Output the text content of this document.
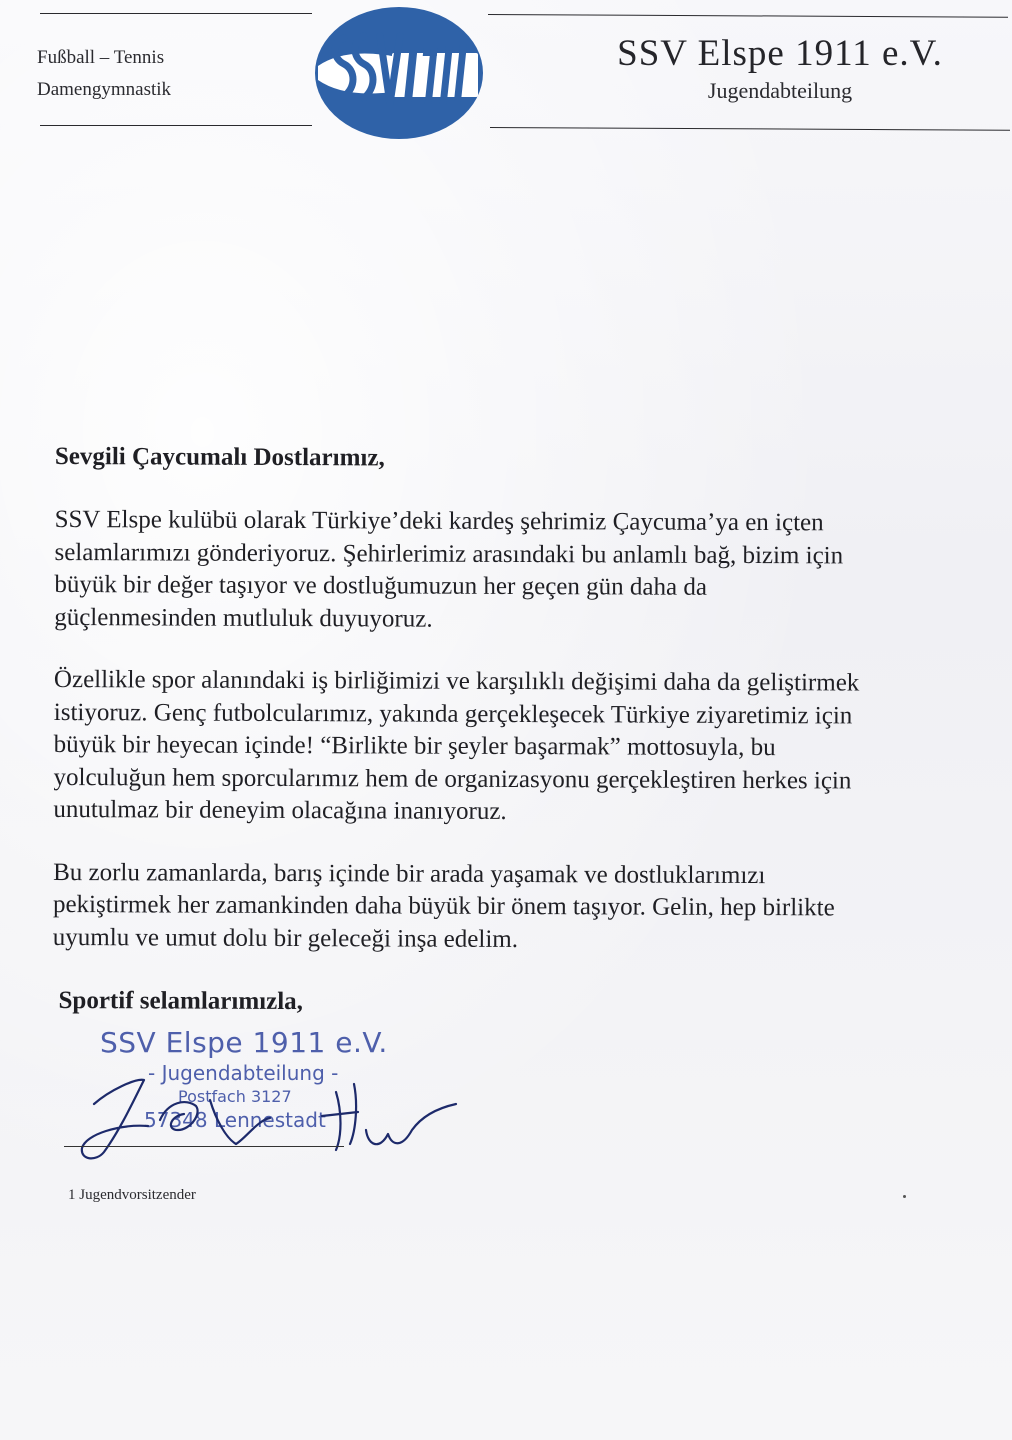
Fußball – Tennis
Damengymnastik
SSV Elspe 1911 e.V.
Jugendabteilung
Sevgili Çaycumalı Dostlarımız,
SSV Elspe kulübü olarak Türkiye’deki kardeş şehrimiz Çaycuma’ya en içten
selamlarımızı gönderiyoruz. Şehirlerimiz arasındaki bu anlamlı bağ, bizim için
büyük bir değer taşıyor ve dostluğumuzun her geçen gün daha da
güçlenmesinden mutluluk duyuyoruz.
Özellikle spor alanındaki iş birliğimizi ve karşılıklı değişimi daha da geliştirmek
istiyoruz. Genç futbolcularımız, yakında gerçekleşecek Türkiye ziyaretimiz için
büyük bir heyecan içinde! “Birlikte bir şeyler başarmak” mottosuyla, bu
yolculuğun hem sporcularımız hem de organizasyonu gerçekleştiren herkes için
unutulmaz bir deneyim olacağına inanıyoruz.
Bu zorlu zamanlarda, barış içinde bir arada yaşamak ve dostluklarımızı
pekiştirmek her zamankinden daha büyük bir önem taşıyor. Gelin, hep birlikte
uyumlu ve umut dolu bir geleceği inşa edelim.
Sportif selamlarımızla,
SSV Elspe 1911 e.V.
- Jugendabteilung -
Postfach 3127
57348 Lennestadt
1 Jugendvorsitzender
